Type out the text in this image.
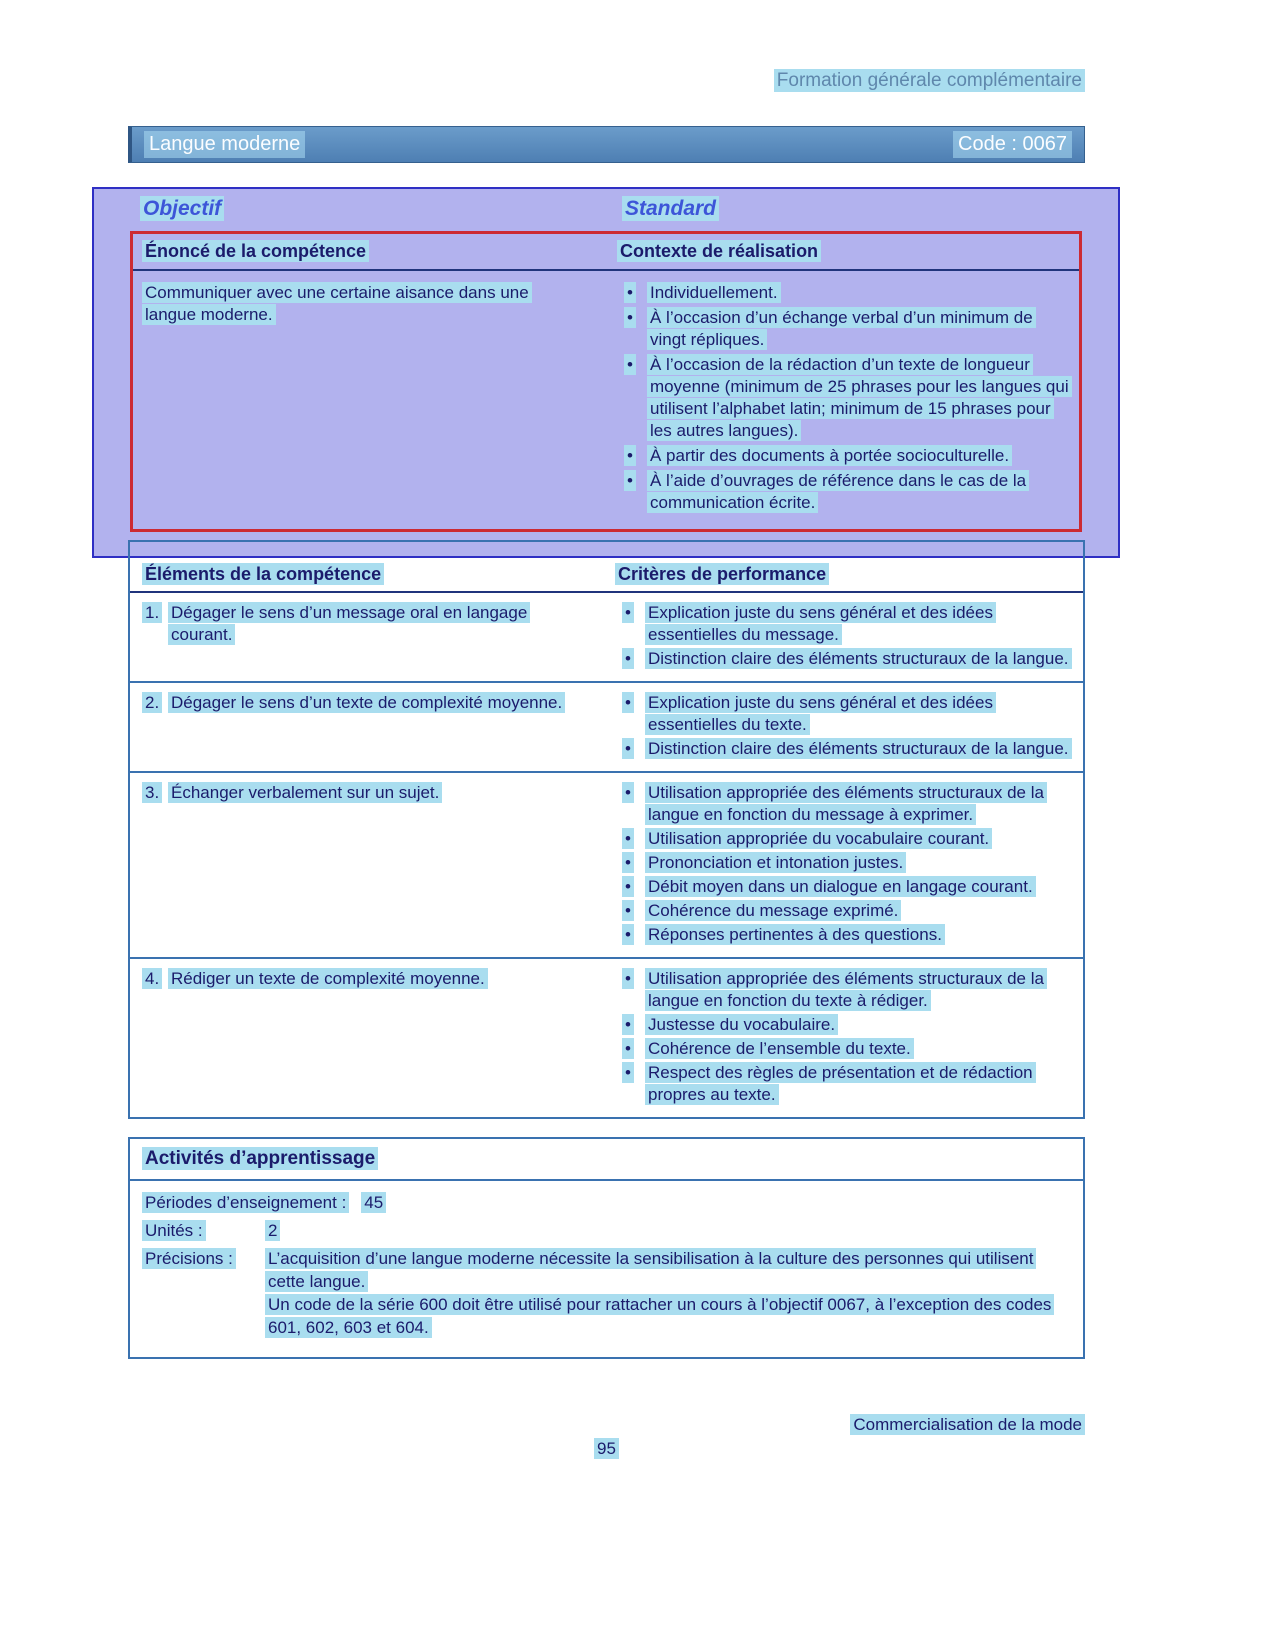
Formation générale complémentaire
Langue moderne	Code : 0067
Objectif	Standard
Énoncé de la compétence	Contexte de réalisation
Communiquer avec une certaine aisance dans une langue moderne.
•	Individuellement.
•	À l’occasion d’un échange verbal d’un minimum de vingt répliques.
•	À l’occasion de la rédaction d’un texte de longueur moyenne (minimum de 25 phrases pour les langues qui utilisent l’alphabet latin; minimum de 15 phrases pour les autres langues).
•	À partir des documents à portée socioculturelle.
•	À l’aide d’ouvrages de référence dans le cas de la communication écrite.
Éléments de la compétence	Critères de performance
1. Dégager le sens d’un message oral en langage courant.
•	Explication juste du sens général et des idées essentielles du message.
•	Distinction claire des éléments structuraux de la langue.
2. Dégager le sens d’un texte de complexité moyenne.	•	Explication juste du sens général et des idées essentielles du texte.
•	Distinction claire des éléments structuraux de la langue.
3. Échanger verbalement sur un sujet.	•	Utilisation appropriée des éléments structuraux de la langue en fonction du message à exprimer.
•	Utilisation appropriée du vocabulaire courant.
•	Prononciation et intonation justes.
•	Débit moyen dans un dialogue en langage courant.
•	Cohérence du message exprimé.
•	Réponses pertinentes à des questions.
4. Rédiger un texte de complexité moyenne.	•	Utilisation appropriée des éléments structuraux de la langue en fonction du texte à rédiger.
•	Justesse du vocabulaire.
•	Cohérence de l’ensemble du texte.
•	Respect des règles de présentation et de rédaction propres au texte.
Activités d’apprentissage
Périodes d’enseignement : 45
Unités :	2
Précisions :	L’acquisition d’une langue moderne nécessite la sensibilisation à la culture des personnes qui utilisent cette langue.

Un code de la série 600 doit être utilisé pour rattacher un cours à l’objectif 0067, à l’exception des codes 601, 602, 603 et 604.

Commercialisation de la mode
95
